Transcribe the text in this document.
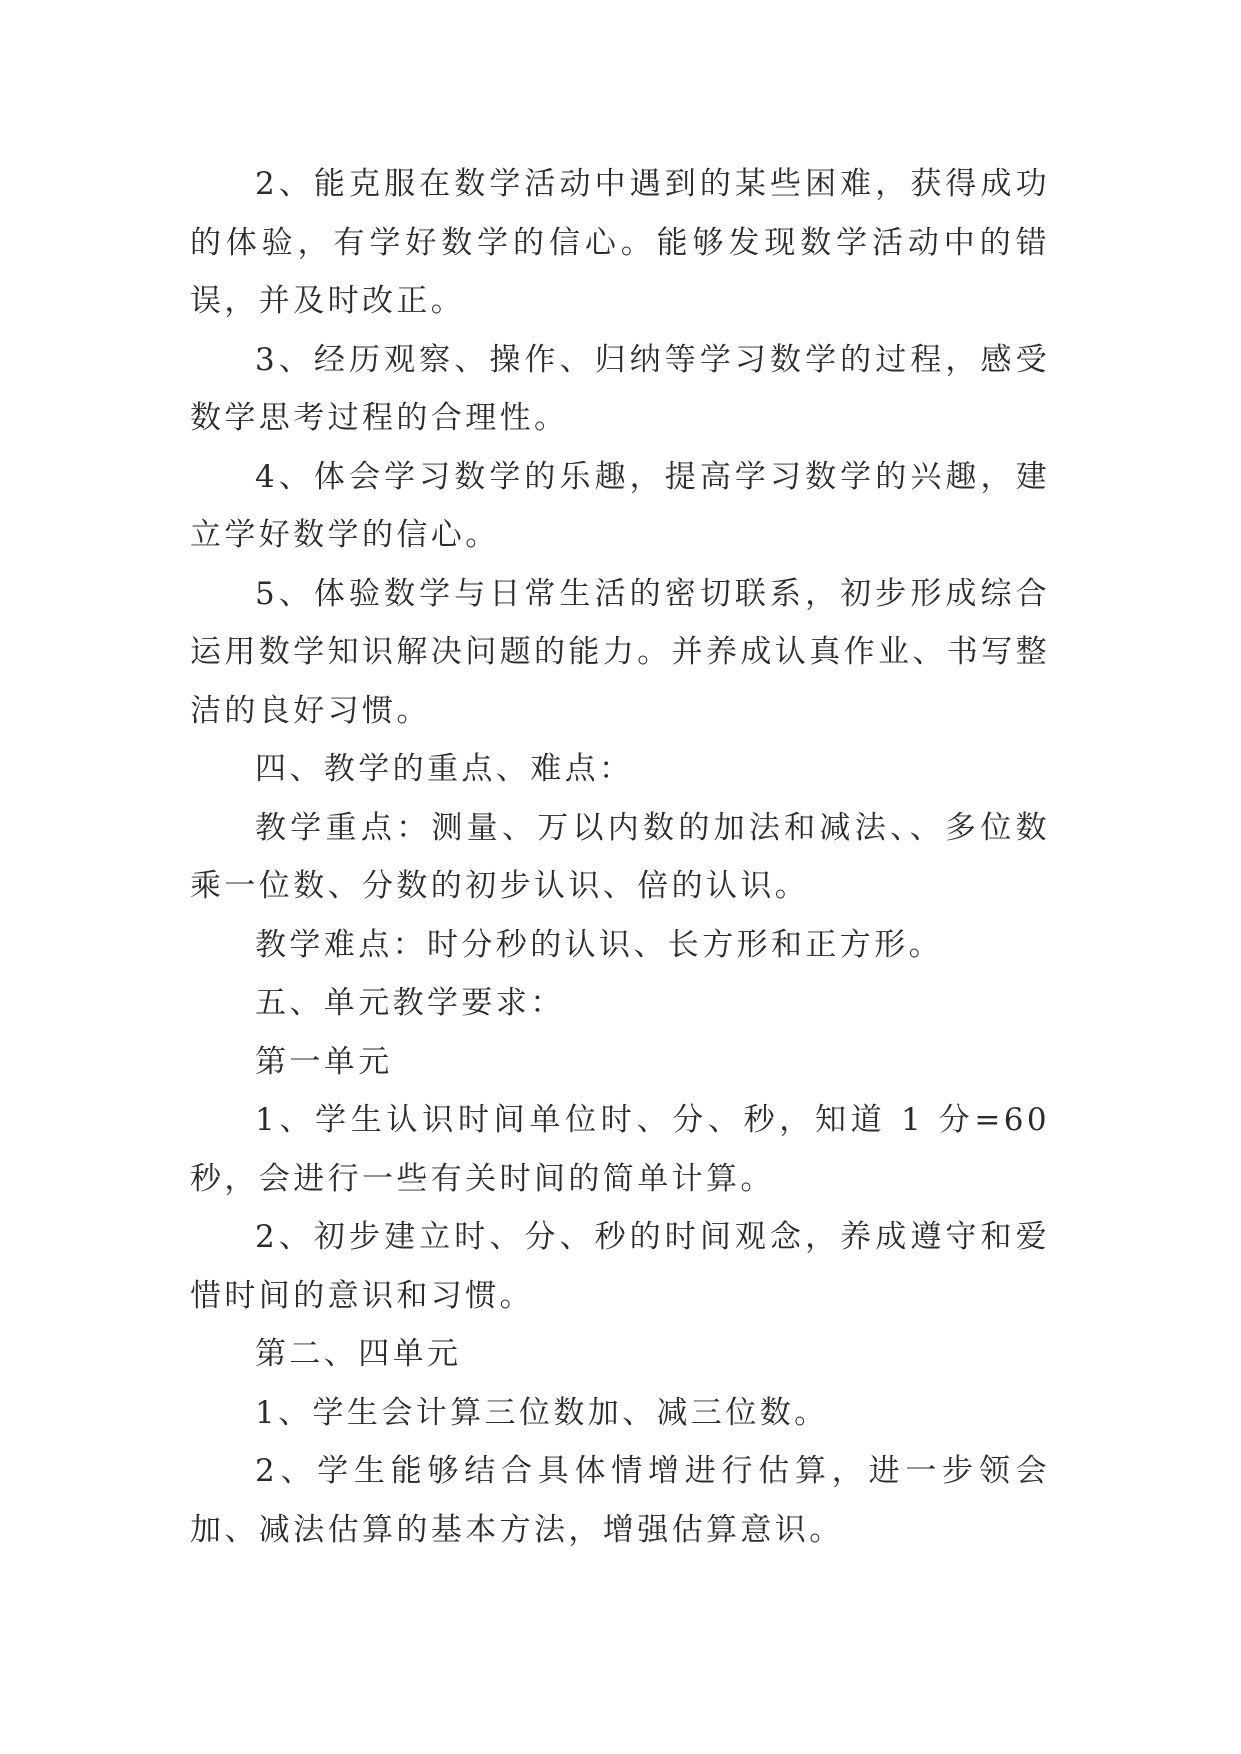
2、能克服在数学活动中遇到的某些困难，获得成功的体验，有学好数学的信心。能够发现数学活动中的错误，并及时改正。

3、经历观察、操作、归纳等学习数学的过程，感受数学思考过程的合理性。

4、体会学习数学的乐趣，提高学习数学的兴趣，建立学好数学的信心。

5、体验数学与日常生活的密切联系，初步形成综合运用数学知识解决问题的能力。并养成认真作业、书写整洁的良好习惯。

四、教学的重点、难点：

教学重点：测量、万以内数的加法和减法、、多位数乘一位数、分数的初步认识、倍的认识。

教学难点：时分秒的认识、长方形和正方形。

五、单元教学要求：

第一单元

1、学生认识时间单位时、分、秒，知道 1 分=60 秒，会进行一些有关时间的简单计算。

2、初步建立时、分、秒的时间观念，养成遵守和爱惜时间的意识和习惯。

第二、四单元

1、学生会计算三位数加、减三位数。

2、学生能够结合具体情增进行估算，进一步领会加、减法估算的基本方法，增强估算意识。
